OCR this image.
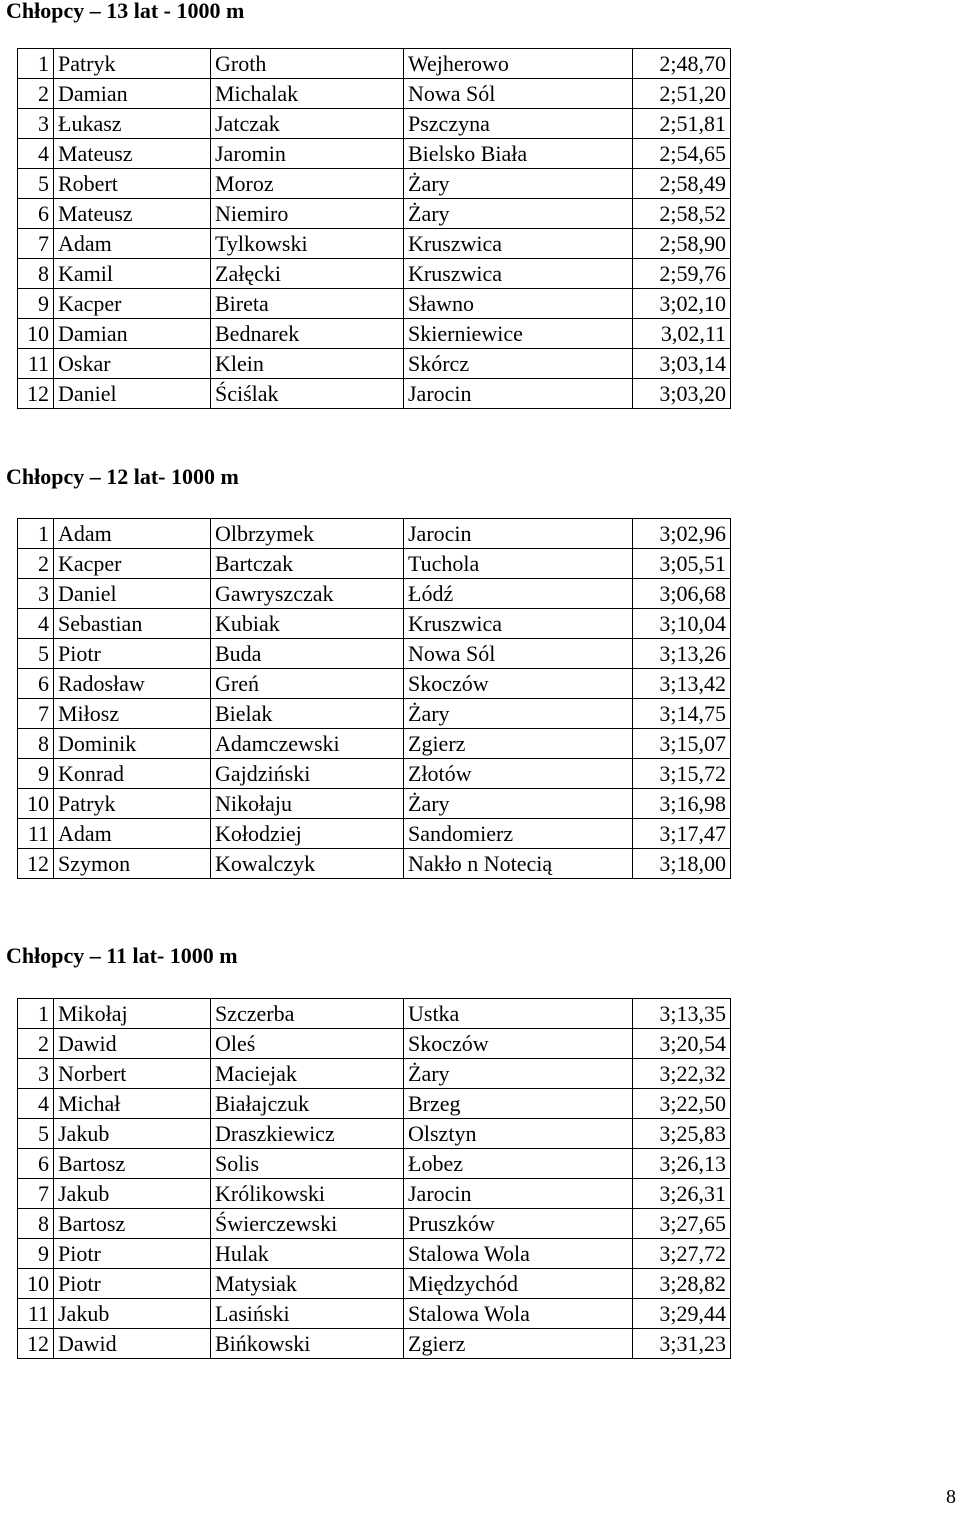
Chłopcy – 13 lat - 1000 m
1	Patryk	Groth	Wejherowo	2;48,70
2	Damian	Michalak	Nowa Sól	2;51,20
3	Łukasz	Jatczak	Pszczyna	2;51,81
4	Mateusz	Jaromin	Bielsko Biała	2;54,65
5	Robert	Moroz	Żary	2;58,49
6	Mateusz	Niemiro	Żary	2;58,52
7	Adam	Tylkowski	Kruszwica	2;58,90
8	Kamil	Załęcki	Kruszwica	2;59,76
9	Kacper	Bireta	Sławno	3;02,10
10	Damian	Bednarek	Skierniewice	3,02,11
11	Oskar	Klein	Skórcz	3;03,14
12	Daniel	Ściślak	Jarocin	3;03,20
Chłopcy – 12 lat- 1000 m
1	Adam	Olbrzymek	Jarocin	3;02,96
2	Kacper	Bartczak	Tuchola	3;05,51
3	Daniel	Gawryszczak	Łódź	3;06,68
4	Sebastian	Kubiak	Kruszwica	3;10,04
5	Piotr	Buda	Nowa Sól	3;13,26
6	Radosław	Greń	Skoczów	3;13,42
7	Miłosz	Bielak	Żary	3;14,75
8	Dominik	Adamczewski	Zgierz	3;15,07
9	Konrad	Gajdziński	Złotów	3;15,72
10	Patryk	Nikołaju	Żary	3;16,98
11	Adam	Kołodziej	Sandomierz	3;17,47
12	Szymon	Kowalczyk	Nakło n Notecią	3;18,00
Chłopcy – 11 lat- 1000 m
1	Mikołaj	Szczerba	Ustka	3;13,35
2	Dawid	Oleś	Skoczów	3;20,54
3	Norbert	Maciejak	Żary	3;22,32
4	Michał	Białajczuk	Brzeg	3;22,50
5	Jakub	Draszkiewicz	Olsztyn	3;25,83
6	Bartosz	Solis	Łobez	3;26,13
7	Jakub	Królikowski	Jarocin	3;26,31
8	Bartosz	Świerczewski	Pruszków	3;27,65
9	Piotr	Hulak	Stalowa Wola	3;27,72
10	Piotr	Matysiak	Międzychód	3;28,82
11	Jakub	Lasiński	Stalowa Wola	3;29,44
12	Dawid	Bińkowski	Zgierz	3;31,23
8
